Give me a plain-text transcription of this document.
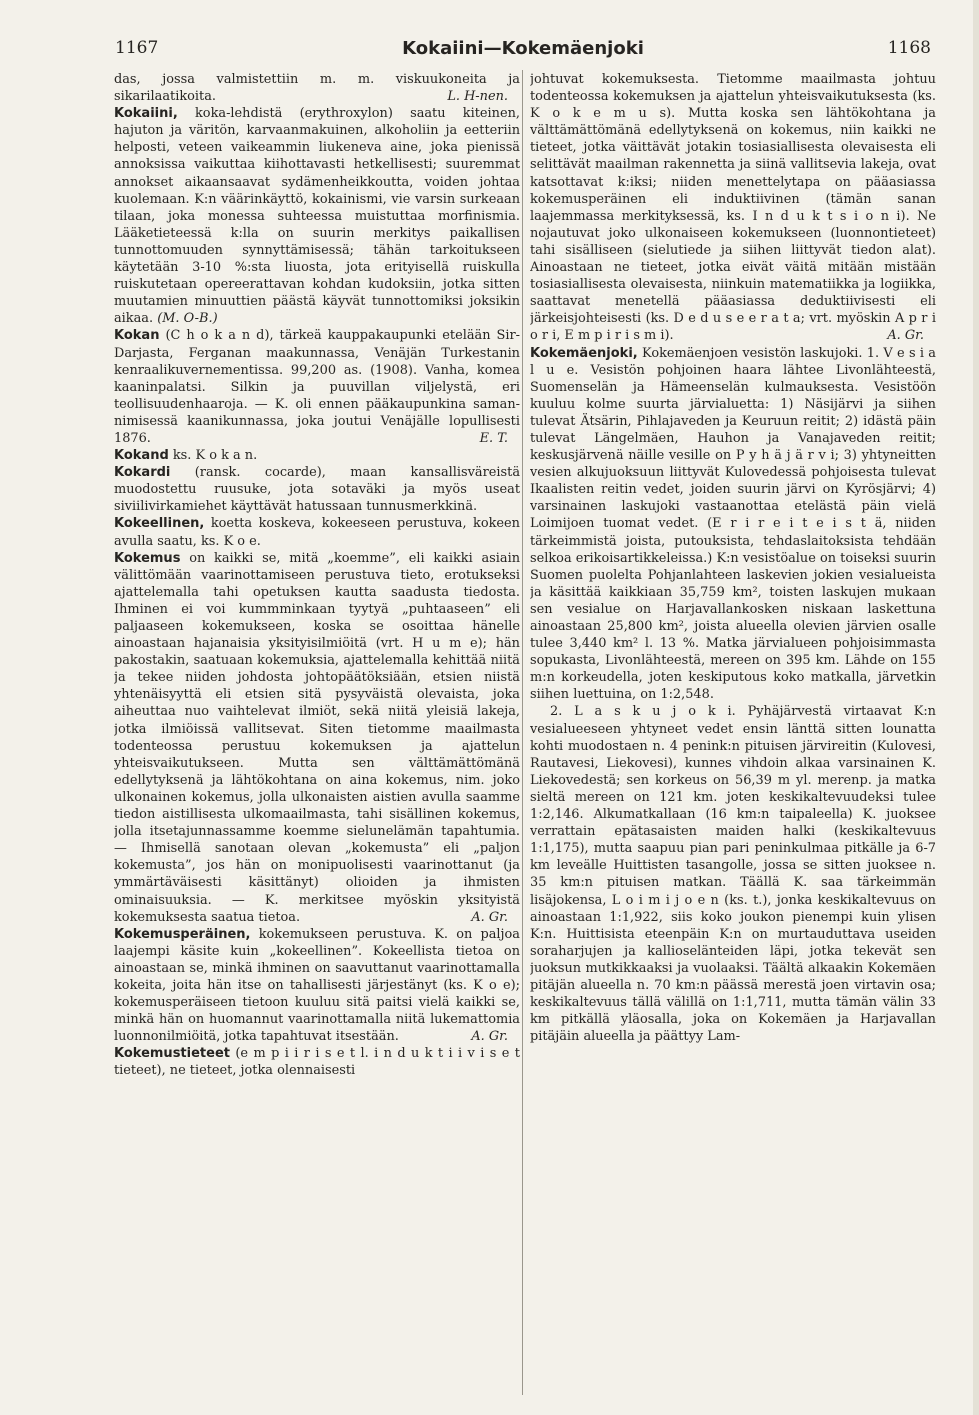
1167	Kokaiini—Kokemäenjoki	1168

das, jossa valmistettiin m. m. viskuukoneita ja sikarilaatikoita.	L. H-nen.

Kokaiini, koka-lehdistä (erythroxylon) saatu kiteinen, hajuton ja väritön, karvaanmakuinen, alkoholiin ja eetteriin helposti, veteen vaikeammin liukeneva aine, joka pienissä annoksissa vaikuttaa kiihottavasti hetkellisesti; suuremmat annokset aikaansaavat sydämenheikkoutta, voiden johtaa kuolemaan. K:n väärinkäyttö, kokainismi, vie varsin surkeaan tilaan, joka monessa suhteessa muistuttaa morfinismia. Lääketieteessä k:lla on suurin merkitys paikallisen tunnottomuuden synnyttämisessä; tähän tarkoitukseen käytetään 3-10 %:sta liuosta, jota erityisellä ruiskulla ruiskutetaan opereerattavan kohdan kudoksiin, jotka sitten muutamien minuuttien päästä käyvät tunnottomiksi joksikin aikaa. (M. O-B.)

Kokan (C h o k a n d), tärkeä kauppakaupunki etelään Sir-Darjasta, Ferganan maakunnassa, Venäjän Turkestanin kenraalikuvernementissa. 99,200 as. (1908). Vanha, komea kaaninpalatsi. Silkin ja puuvillan viljelystä, eri teollisuudenhaaroja. — K. oli ennen pääkaupunkina saman-nimisessä kaanikunnassa, joka joutui Venäjälle lopullisesti 1876.	E. T.

Kokand ks. K o k a n.

Kokardi (ransk. cocarde), maan kansallisväreistä muodostettu ruusuke, jota sotaväki ja myös useat siviilivirkamiehet käyttävät hatussaan tunnusmerkkinä.

Kokeellinen, koetta koskeva, kokeeseen perustuva, kokeen avulla saatu, ks. K o e.

Kokemus on kaikki se, mitä „koemme”, eli kaikki asiain välittömään vaarinottamiseen perustuva tieto, erotukseksi ajattelemalla tahi opetuksen kautta saadusta tiedosta. Ihminen ei voi kummminkaan tyytyä „puhtaaseen” eli paljaaseen kokemukseen, koska se osoittaa hänelle ainoastaan hajanaisia yksityisilmiöitä (vrt. H u m e); hän pakostakin, saatuaan kokemuksia, ajattelemalla kehittää niitä ja tekee niiden johdosta johtopäätöksiään, etsien niistä yhtenäisyyttä eli etsien sitä pysyväistä olevaista, joka aiheuttaa nuo vaihtelevat ilmiöt, sekä niitä yleisiä lakeja, jotka ilmiöissä vallitsevat. Siten tietomme maailmasta todenteossa perustuu kokemuksen ja ajattelun yhteisvaikutukseen. Mutta sen välttämättömänä edellytyksenä ja lähtökohtana on aina kokemus, nim. joko ulkonainen kokemus, jolla ulkonaisten aistien avulla saamme tiedon aistillisesta ulkomaailmasta, tahi sisällinen kokemus, jolla itsetajunnassamme koemme sielunelämän tapahtumia. — Ihmisellä sanotaan olevan „kokemusta” eli „paljon kokemusta”, jos hän on monipuolisesti vaarinottanut (ja ymmärtäväisesti käsittänyt) olioiden ja ihmisten ominaisuuksia. — K. merkitsee myöskin yksityistä kokemuksesta saatua tietoa.	A. Gr.

Kokemusperäinen, kokemukseen perustuva. K. on paljoa laajempi käsite kuin „kokeellinen”. Kokeellista tietoa on ainoastaan se, minkä ihminen on saavuttanut vaarinottamalla kokeita, joita hän itse on tahallisesti järjestänyt (ks. K o e); kokemusperäiseen tietoon kuuluu sitä paitsi vielä kaikki se, minkä hän on huomannut vaarinottamalla niitä lukemattomia luonnonilmiöitä, jotka tapahtuvat itsestään.	A. Gr.

Kokemustieteet (e m p i i r i s e t l. i n d u k t i i v i s e t tieteet), ne tieteet, jotka olennaisesti

johtuvat kokemuksesta. Tietomme maailmasta johtuu todenteossa kokemuksen ja ajattelun yhteisvaikutuksesta (ks. K o k e m u s). Mutta koska sen lähtökohtana ja välttämättömänä edellytyksenä on kokemus, niin kaikki ne tieteet, jotka väittävät jotakin tosiasiallisesta olevaisesta eli selittävät maailman rakennetta ja siinä vallitsevia lakeja, ovat katsottavat k:iksi; niiden menettelytapa on pääasiassa kokemusperäinen eli induktiivinen (tämän sanan laajemmassa merkityksessä, ks. I n d u k t s i o n i). Ne nojautuvat joko ulkonaiseen kokemukseen (luonnontieteet) tahi sisälliseen (sielutiede ja siihen liittyvät tiedon alat). Ainoastaan ne tieteet, jotka eivät väitä mitään mistään tosiasiallisesta olevaisesta, niinkuin matematiikka ja logiikka, saattavat menetellä pääasiassa deduktiivisesti eli järkeisjohteisesti (ks. D e d u s e e r a t a; vrt. myöskin A p r i o r i, E m p i r i s m i).	A. Gr.

Kokemäenjoki, Kokemäenjoen vesistön laskujoki. 1. V e s i a l u e. Vesistön pohjoinen haara lähtee Livonlähteestä, Suomenselän ja Hämeenselän kulmauksesta. Vesistöön kuuluu kolme suurta järvialuetta: 1) Näsijärvi ja siihen tulevat Ätsärin, Pihlajaveden ja Keuruun reitit; 2) idästä päin tulevat Längelmäen, Hauhon ja Vanajaveden reitit; keskusjärvenä näille vesille on P y h ä j ä r v i; 3) yhtyneitten vesien alkujuoksuun liittyvät Kulovedessä pohjoisesta tulevat Ikaalisten reitin vedet, joiden suurin järvi on Kyrösjärvi; 4) varsinainen laskujoki vastaanottaa etelästä päin vielä Loimijoen tuomat vedet. (E r i r e i t e i s t ä, niiden tärkeimmistä joista, putouksista, tehdaslaitoksista tehdään selkoa erikoisartikkeleissa.) K:n vesistöalue on toiseksi suurin Suomen puolelta Pohjanlahteen laskevien jokien vesialueista ja käsittää kaikkiaan 35,759 km², toisten laskujen mukaan sen vesialue on Harjavallankosken niskaan laskettuna ainoastaan 25,800 km², joista alueella olevien järvien osalle tulee 3,440 km² l. 13 %. Matka järvialueen pohjoisimmasta sopukasta, Livonlähteestä, mereen on 395 km. Lähde on 155 m:n korkeudella, joten keskiputous koko matkalla, järvetkin siihen luettuina, on 1:2,548.

2. L a s k u j o k i. Pyhäjärvestä virtaavat K:n vesialueeseen yhtyneet vedet ensin länttä sitten lounatta kohti muodostaen n. 4 penink:n pituisen järvireitin (Kulovesi, Rautavesi, Liekovesi), kunnes vihdoin alkaa varsinainen K. Liekovedestä; sen korkeus on 56,39 m yl. merenp. ja matka sieltä mereen on 121 km. joten keskikaltevuudeksi tulee 1:2,146. Alkumatkallaan (16 km:n taipaleella) K. juoksee verrattain epätasaisten maiden halki (keskikaltevuus 1:1,175), mutta saapuu pian pari peninkulmaa pitkälle ja 6-7 km leveälle Huittisten tasangolle, jossa se sitten juoksee n. 35 km:n pituisen matkan. Täällä K. saa tärkeimmän lisäjokensa, L o i m i j o e n (ks. t.), jonka keskikaltevuus on ainoastaan 1:1,922, siis koko joukon pienempi kuin ylisen K:n. Huittisista eteenpäin K:n on murtauduttava useiden soraharjujen ja kallioselänteiden läpi, jotka tekevät sen juoksun mutkikkaaksi ja vuolaaksi. Täältä alkaakin Kokemäen pitäjän alueella n. 70 km:n päässä merestä joen virtavin osa; keskikaltevuus tällä välillä on 1:1,711, mutta tämän välin 33 km pitkällä yläosalla, joka on Kokemäen ja Harjavallan pitäjäin alueella ja päättyy Lam-
